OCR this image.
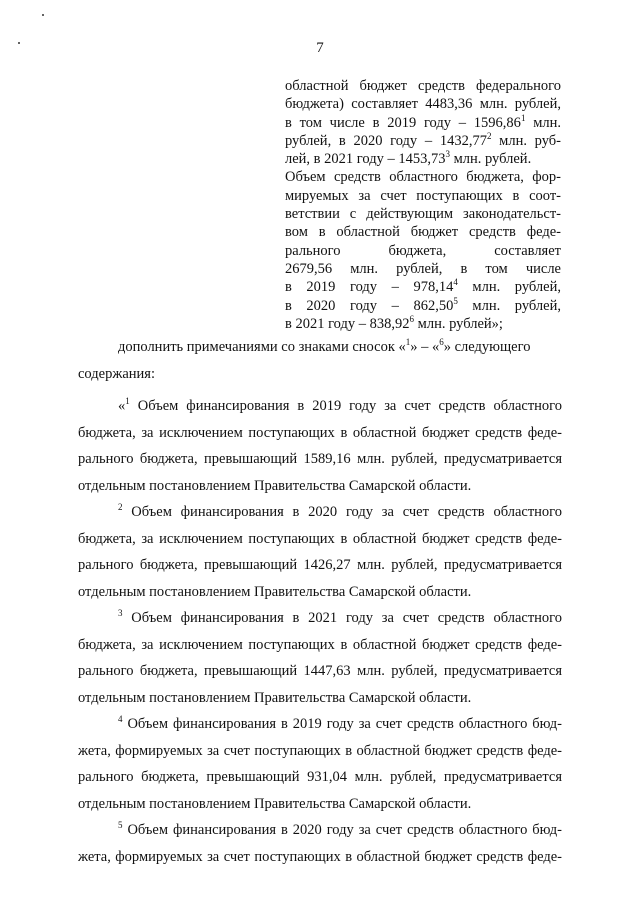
7
областной бюджет средств федерального
бюджета) составляет 4483,36 млн. рублей,
в том числе в 2019 году – 1596,86$^1$ млн.
рублей, в 2020 году – 1432,77$^2$ млн. руб-
лей, в 2021 году – 1453,73$^3$ млн. рублей.
Объем средств областного бюджета, фор-
мируемых за счет поступающих в соот-
ветствии с действующим законодательст-
вом в областной бюджет средств феде-
рального бюджета, составляет
2679,56 млн. рублей, в том числе
в 2019 году – 978,14$^4$ млн. рублей,
в 2020 году – 862,50$^5$ млн. рублей,
в 2021 году – 838,92$^6$ млн. рублей»;
дополнить примечаниями со знаками сносок «$^1$» – «$^6$» следующего
содержания:
«$^1$ Объем финансирования в 2019 году за счет средств областного
бюджета, за исключением поступающих в областной бюджет средств феде-
рального бюджета, превышающий 1589,16 млн. рублей, предусматривается
отдельным постановлением Правительства Самарской области.
$^2$ Объем финансирования в 2020 году за счет средств областного
бюджета, за исключением поступающих в областной бюджет средств феде-
рального бюджета, превышающий 1426,27 млн. рублей, предусматривается
отдельным постановлением Правительства Самарской области.
$^3$ Объем финансирования в 2021 году за счет средств областного
бюджета, за исключением поступающих в областной бюджет средств феде-
рального бюджета, превышающий 1447,63 млн. рублей, предусматривается
отдельным постановлением Правительства Самарской области.
$^4$ Объем финансирования в 2019 году за счет средств областного бюд-
жета, формируемых за счет поступающих в областной бюджет средств феде-
рального бюджета, превышающий 931,04 млн. рублей, предусматривается
отдельным постановлением Правительства Самарской области.
$^5$ Объем финансирования в 2020 году за счет средств областного бюд-
жета, формируемых за счет поступающих в областной бюджет средств феде-
